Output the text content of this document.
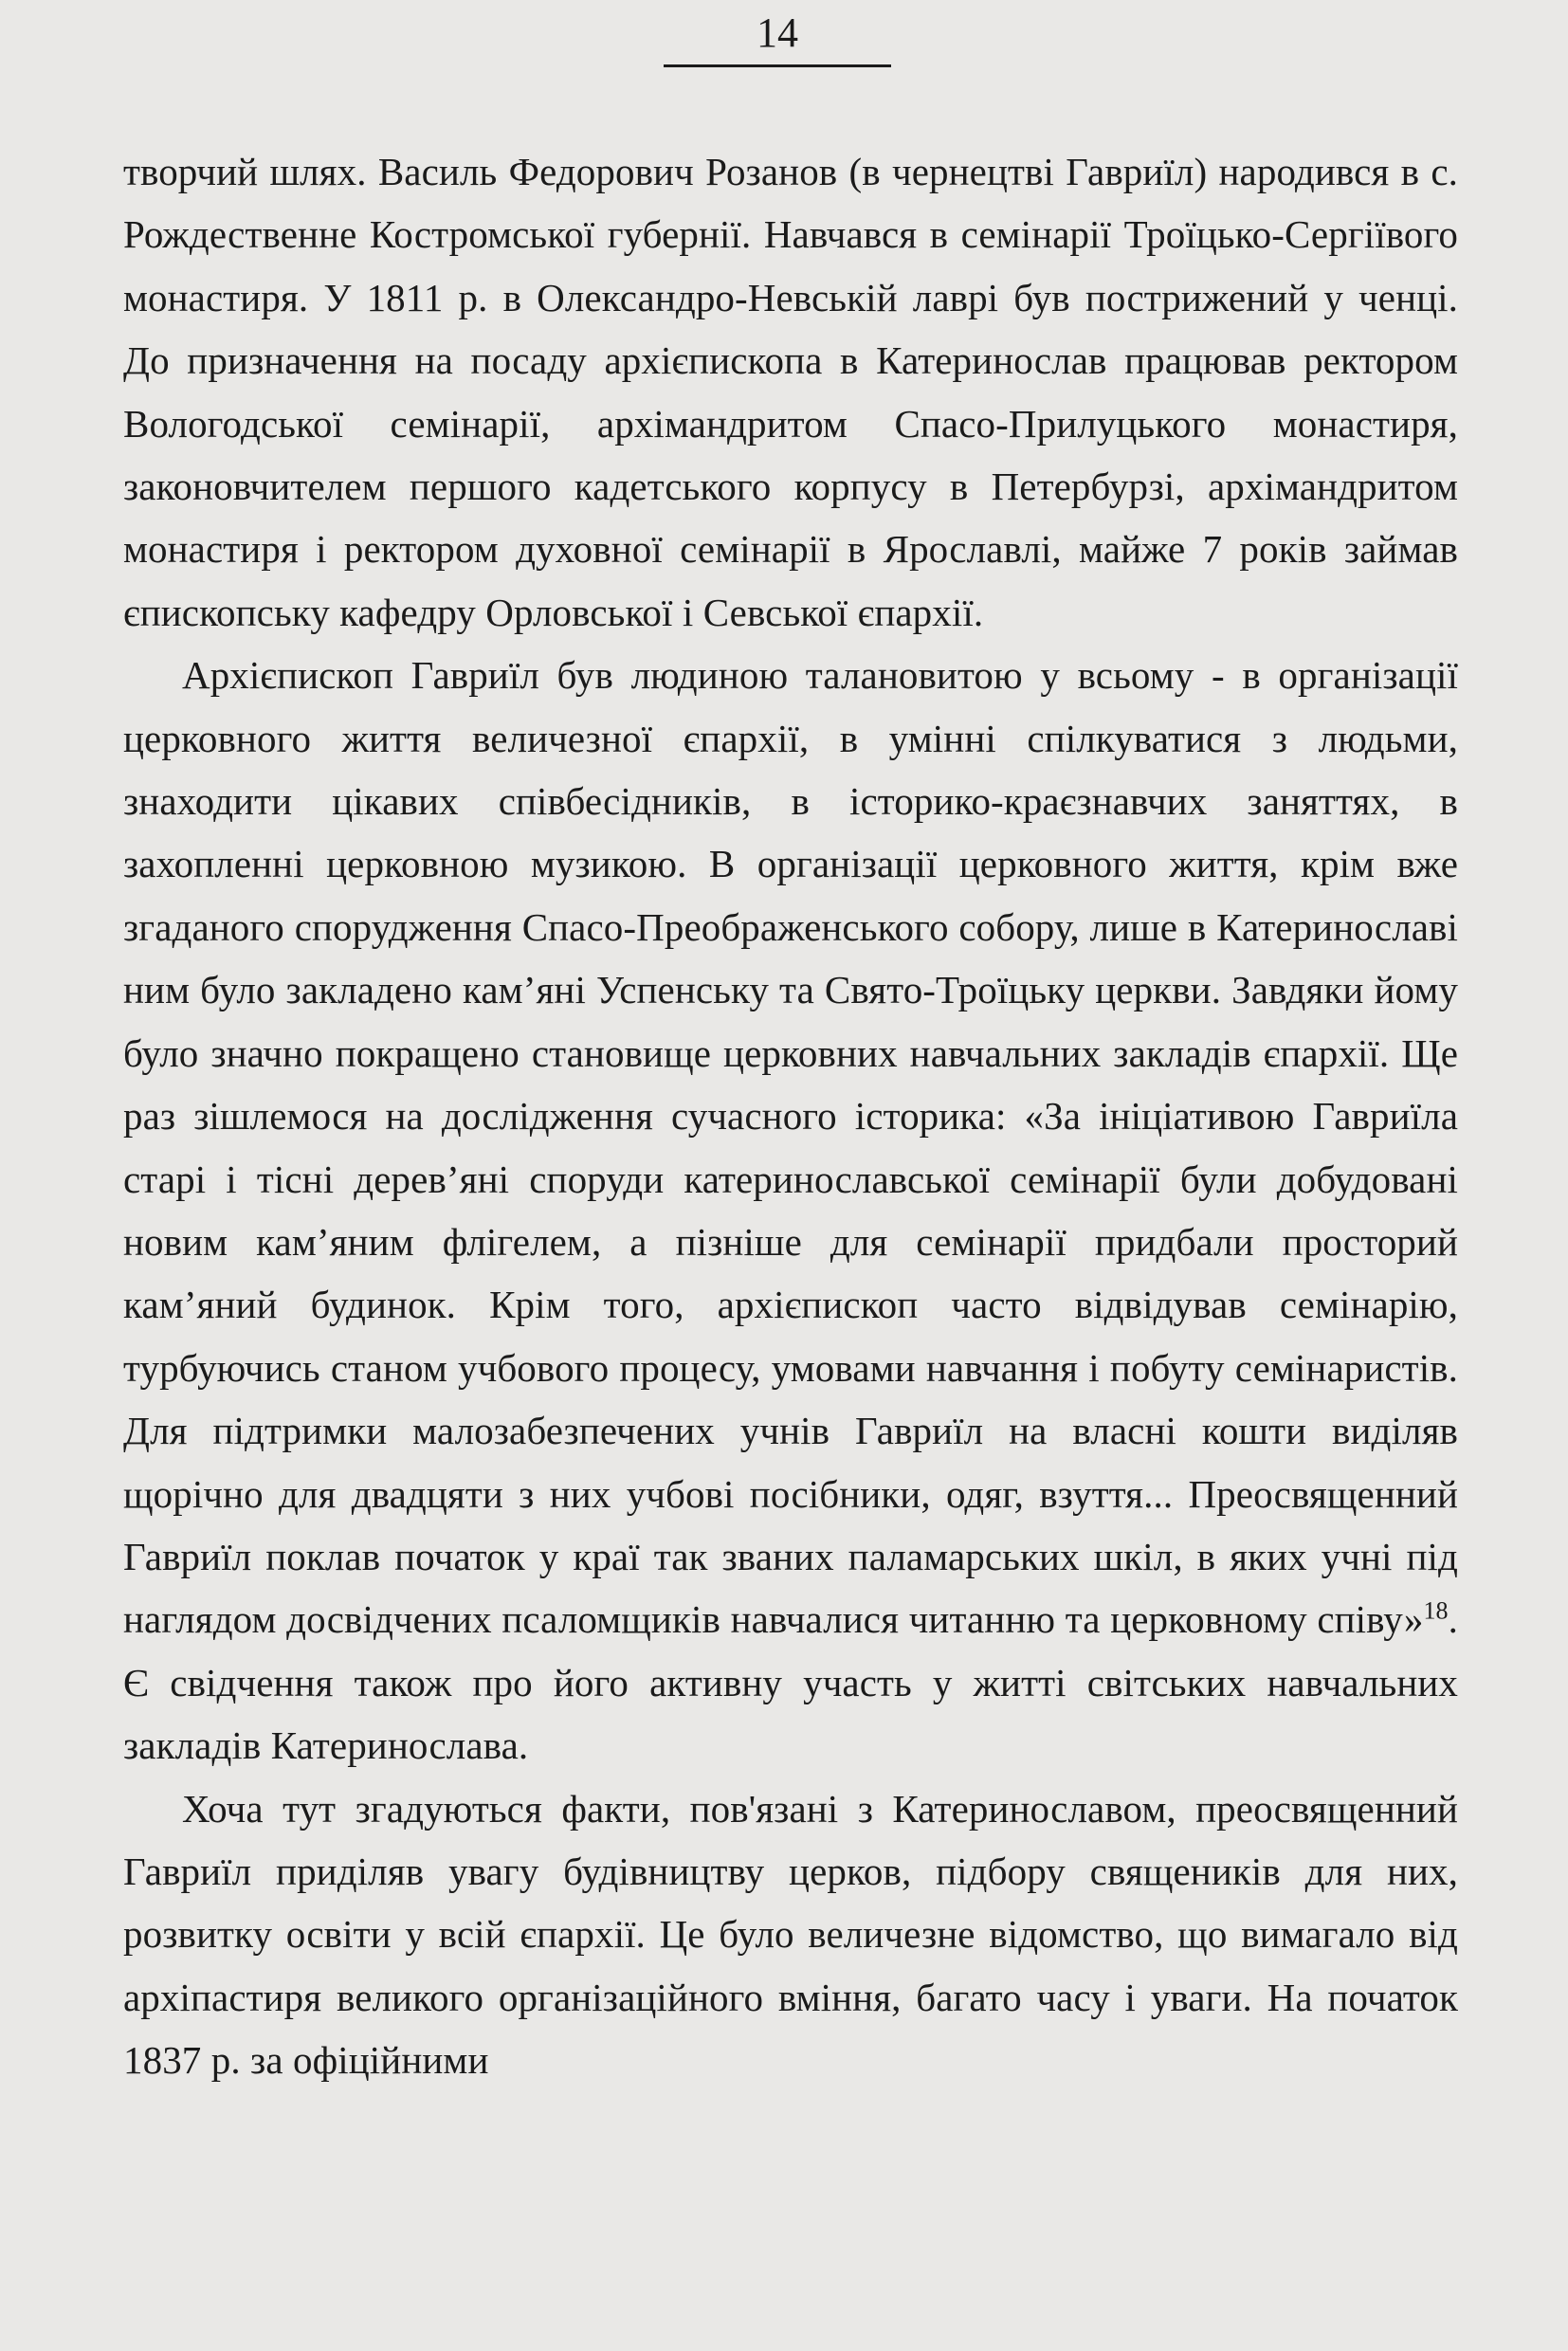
14

творчий шлях. Василь Федорович Розанов (в чернецтві Гавриїл) народився в с. Рождественне Костромської губернії. Навчався в семінарії Троїцько-Сергіївого монастиря. У 1811 р. в Олександро-Невській лаврі був пострижений у ченці. До призначення на посаду архієпископа в Катеринослав працював ректором Вологодської семінарії, архімандритом Спасо-Прилуцького монастиря, законовчителем першого кадетського корпусу в Петербурзі, архімандритом монастиря і ректором духовної семінарії в Ярославлі, майже 7 років займав єпископську кафедру Орловської і Севської єпархії.

Архієпископ Гавриїл був людиною талановитою у всьому - в організації церковного життя величезної єпархії, в умінні спілкуватися з людьми, знаходити цікавих співбесідників, в історико-краєзнавчих заняттях, в захопленні церковною музикою. В організації церковного життя, крім вже згаданого спорудження Спасо-Преображенського собору, лише в Катеринославі ним було закладено кам’яні Успенську та Свято-Троїцьку церкви. Завдяки йому було значно покращено становище церковних навчальних закладів єпархії. Ще раз зішлемося на дослідження сучасного історика: «За ініціативою Гавриїла старі і тісні дерев’яні споруди катеринославської семінарії були добудовані новим кам’яним флігелем, а пізніше для семінарії придбали просторий кам’яний будинок. Крім того, архієпископ часто відвідував семінарію, турбуючись станом учбового процесу, умовами навчання і побуту семінаристів. Для підтримки малозабезпечених учнів Гавриїл на власні кошти виділяв щорічно для двадцяти з них учбові посібники, одяг, взуття... Преосвященний Гавриїл поклав початок у краї так званих паламарських шкіл, в яких учні під наглядом досвідчених псаломщиків навчалися читанню та церковному співу»$^{18}$. Є свідчення також про його активну участь у житті світських навчальних закладів Катеринослава.

Хоча тут згадуються факти, пов'язані з Катеринославом, преосвященний Гавриїл приділяв увагу будівництву церков, підбору священиків для них, розвитку освіти у всій єпархії. Це було величезне відомство, що вимагало від архіпастиря великого організаційного вміння, багато часу і уваги. На початок 1837 р. за офіційними
